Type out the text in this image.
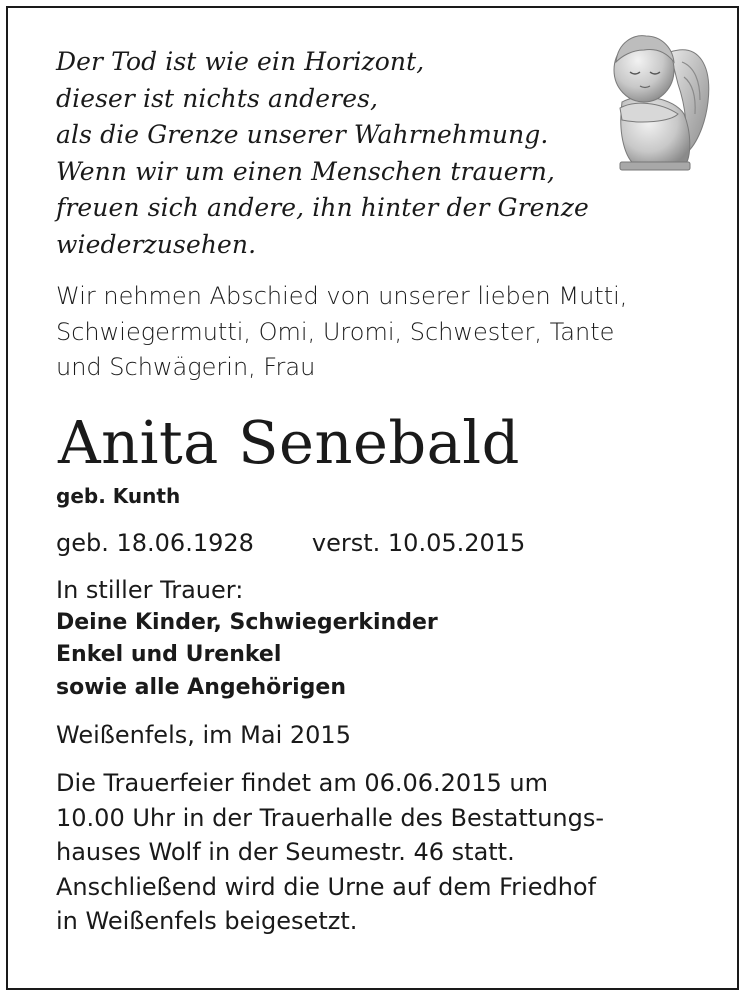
Der Tod ist wie ein Horizont,
dieser ist nichts anderes,
als die Grenze unserer Wahrnehmung.
Wenn wir um einen Menschen trauern,
freuen sich andere, ihn hinter der Grenze
wiederzusehen.
Wir nehmen Abschied von unserer lieben Mutti,
Schwiegermutti, Omi, Uromi, Schwester, Tante
und Schwägerin, Frau
Anita Senebald
geb. Kunth
geb. 18.06.1928 verst. 10.05.2015
In stiller Trauer:
Deine Kinder, Schwiegerkinder
Enkel und Urenkel
sowie alle Angehörigen
Weißenfels, im Mai 2015
Die Trauerfeier findet am 06.06.2015 um
10.00 Uhr in der Trauerhalle des Bestattungs-
hauses Wolf in der Seumestr. 46 statt.
Anschließend wird die Urne auf dem Friedhof
in Weißenfels beigesetzt.
